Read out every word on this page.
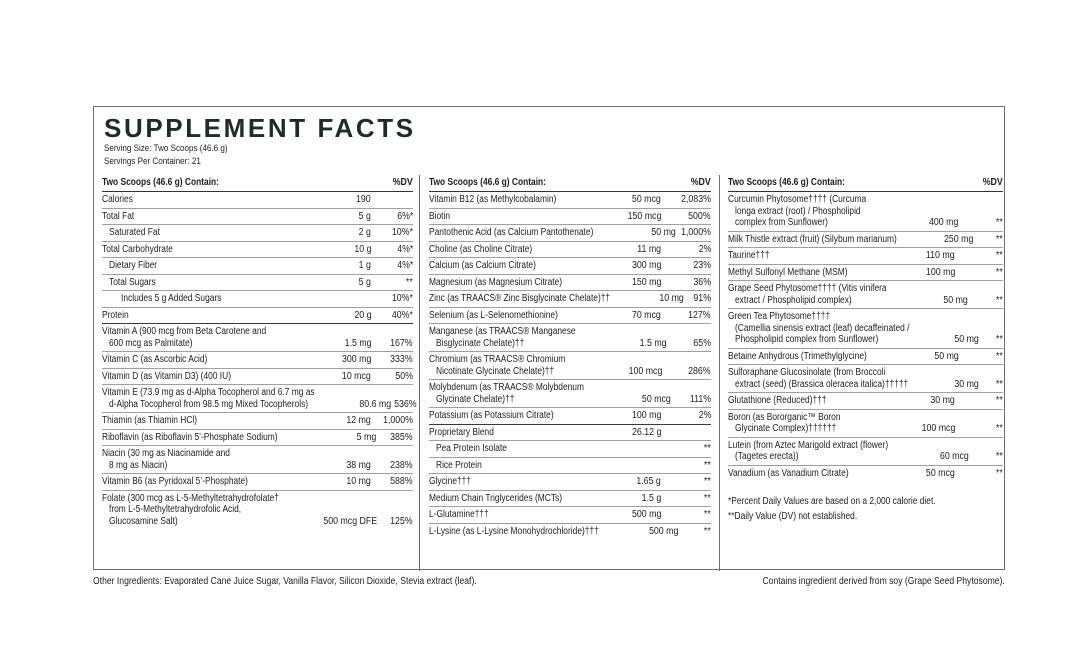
SUPPLEMENT FACTS
Serving Size: Two Scoops (46.6 g)
Servings Per Container: 21
Two Scoops (46.6 g) Contain:	%DV
Calories	190
Total Fat	5 g	6%*
Saturated Fat	2 g	10%*
Total Carbohydrate	10 g	4%*
Dietary Fiber	1 g	4%*
Total Sugars	5 g	**
Includes 5 g Added Sugars	10%*
Protein	20 g	40%*
Vitamin A (900 mcg from Beta Carotene and
600 mcg as Palmitate)	1.5 mg	167%
Vitamin C (as Ascorbic Acid)	300 mg	333%
Vitamin D (as Vitamin D3) (400 IU)	10 mcg	50%
Vitamin E (73.9 mg as d-Alpha Tocopherol and 6.7 mg as
d-Alpha Tocopherol from 98.5 mg Mixed Tocopherols)	80.6 mg 536%
Thiamin (as Thiamin HCl)	12 mg	1,000%
Riboflavin (as Riboflavin 5’-Phosphate Sodium)	5 mg	385%
Niacin (30 mg as Niacinamide and
8 mg as Niacin)	38 mg	238%
Vitamin B6 (as Pyridoxal 5’-Phosphate)	10 mg	588%
Folate (300 mcg as L-5-Methyltetrahydrofolate†
from L-5-Methyltetrahydrofolic Acid,
Glucosamine Salt)	500 mcg DFE	125%
Two Scoops (46.6 g) Contain:	%DV
Vitamin B12 (as Methylcobalamin)	50 mcg	2,083%
Biotin	150 mcg	500%
Pantothenic Acid (as Calcium Pantothenate)	50 mg 1,000%
Choline (as Choline Citrate)	11 mg	2%
Calcium (as Calcium Citrate)	300 mg	23%
Magnesium (as Magnesium Citrate)	150 mg	36%
Zinc (as TRAACS® Zinc Bisglycinate Chelate)††	10 mg 91%
Selenium (as L-Selenomethionine)	70 mcg	127%
Manganese (as TRAACS® Manganese
Bisglycinate Chelate)††	1.5 mg	65%
Chromium (as TRAACS® Chromium
Nicotinate Glycinate Chelate)††	100 mcg	286%
Molybdenum (as TRAACS® Molybdenum
Glycinate Chelate)††	50 mcg	111%
Potassium (as Potassium Citrate)	100 mg	2%
Proprietary Blend	26.12 g
Pea Protein Isolate	**
Rice Protein	**
Glycine†††	1.65 g	**
Medium Chain Triglycerides (MCTs)	1.5 g	**
L-Glutamine†††	500 mg	**
L-Lysine (as L-Lysine Monohydrochloride)†††	500 mg	**
Two Scoops (46.6 g) Contain:	%DV
Curcumin Phytosome†††† (Curcuma
longa extract (root) / Phospholipid
complex from Sunflower)	400 mg	**
Milk Thistle extract (fruit) (Silybum marianum)	250 mg	**
Taurine†††	110 mg	**
Methyl Sulfonyl Methane (MSM)	100 mg	**
Grape Seed Phytosome†††† (Vitis vinifera
extract / Phospholipid complex)	50 mg	**
Green Tea Phytosome††††
(Camellia sinensis extract (leaf) decaffeinated /
Phospholipid complex from Sunflower)	50 mg	**
Betaine Anhydrous (Trimethylglycine)	50 mg	**
Sulforaphane Glucosinolate (from Broccoli
extract (seed) (Brassica oleracea italica)†††††	30 mg	**
Glutathione (Reduced)†††	30 mg	**
Boron (as Bororganic™ Boron
Glycinate Complex)††††††	100 mcg	**
Lutein (from Aztec Marigold extract (flower)
(Tagetes erecta))	60 mcg	**
Vanadium (as Vanadium Citrate)	50 mcg	**
*Percent Daily Values are based on a 2,000 calorie diet.
**Daily Value (DV) not established.
Other Ingredients: Evaporated Cane Juice Sugar, Vanilla Flavor, Silicon Dioxide, Stevia extract (leaf).	Contains ingredient derived from soy (Grape Seed Phytosome).
